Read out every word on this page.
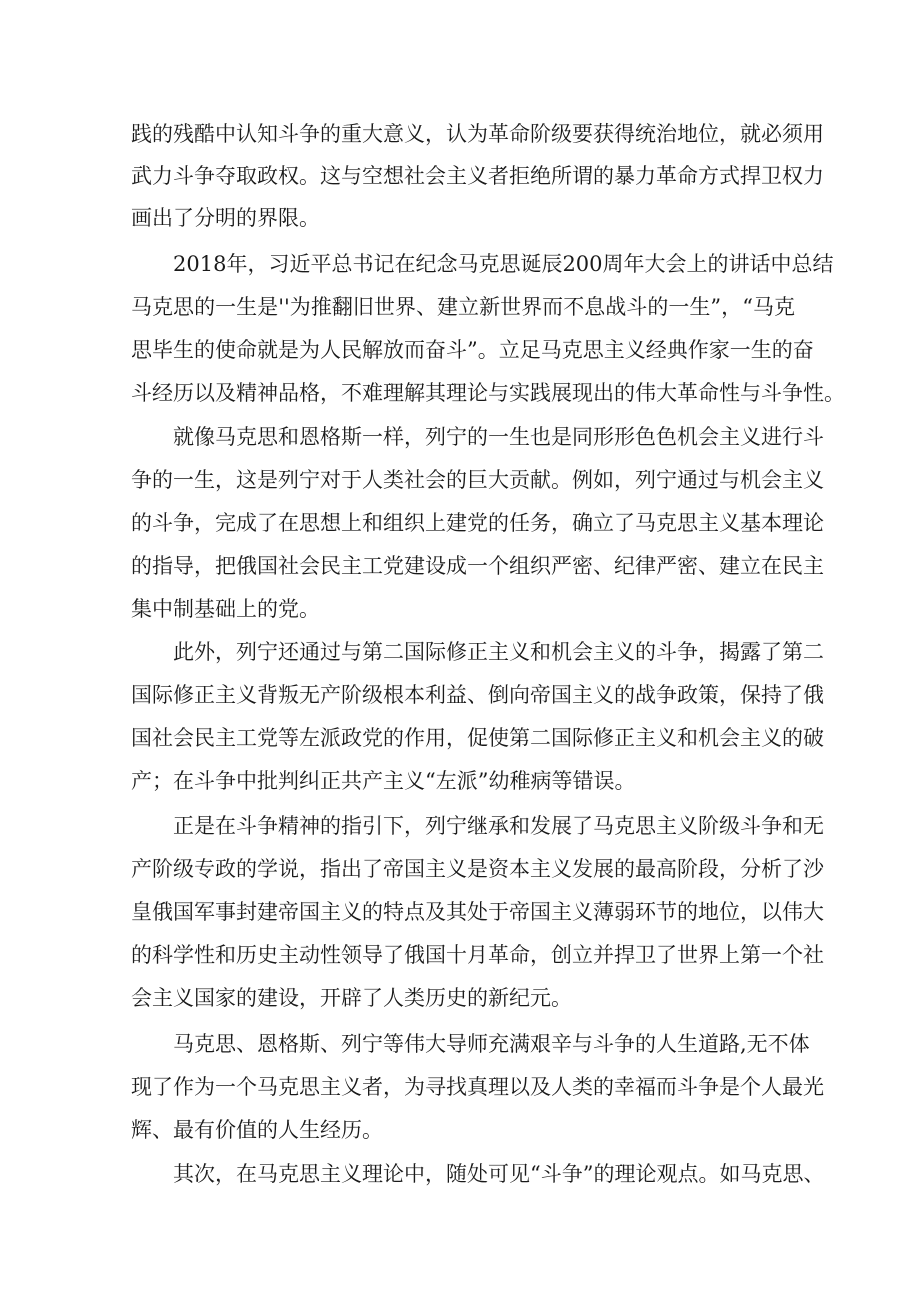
践的残酷中认知斗争的重大意义，认为革命阶级要获得统治地位，就必须用
武力斗争夺取政权。这与空想社会主义者拒绝所谓的暴力革命方式捍卫权力
画出了分明的界限。
2018年，习近平总书记在纪念马克思诞辰200周年大会上的讲话中总结
马克思的一生是''为推翻旧世界、建立新世界而不息战斗的一生”，“马克
思毕生的使命就是为人民解放而奋斗”。立足马克思主义经典作家一生的奋
斗经历以及精神品格，不难理解其理论与实践展现出的伟大革命性与斗争性。
就像马克思和恩格斯一样，列宁的一生也是同形形色色机会主义进行斗
争的一生，这是列宁对于人类社会的巨大贡献。例如，列宁通过与机会主义
的斗争，完成了在思想上和组织上建党的任务，确立了马克思主义基本理论
的指导，把俄国社会民主工党建设成一个组织严密、纪律严密、建立在民主
集中制基础上的党。
此外，列宁还通过与第二国际修正主义和机会主义的斗争，揭露了第二
国际修正主义背叛无产阶级根本利益、倒向帝国主义的战争政策，保持了俄
国社会民主工党等左派政党的作用，促使第二国际修正主义和机会主义的破
产；在斗争中批判纠正共产主义“左派”幼稚病等错误。
正是在斗争精神的指引下，列宁继承和发展了马克思主义阶级斗争和无
产阶级专政的学说，指出了帝国主义是资本主义发展的最高阶段，分析了沙
皇俄国军事封建帝国主义的特点及其处于帝国主义薄弱环节的地位，以伟大
的科学性和历史主动性领导了俄国十月革命，创立并捍卫了世界上第一个社
会主义国家的建设，开辟了人类历史的新纪元。
马克思、恩格斯、列宁等伟大导师充满艰辛与斗争的人生道路,无不体
现了作为一个马克思主义者，为寻找真理以及人类的幸福而斗争是个人最光
辉、最有价值的人生经历。
其次，在马克思主义理论中，随处可见“斗争”的理论观点。如马克思、
